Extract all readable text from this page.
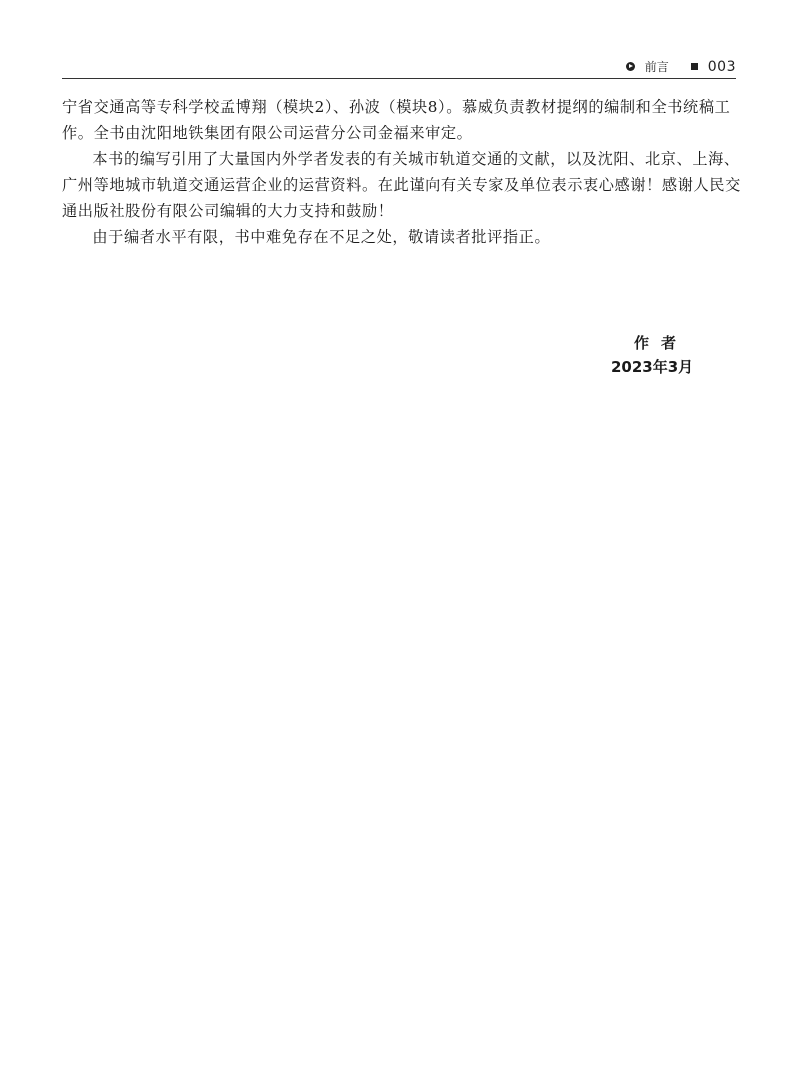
前言	003

宁省交通高等专科学校孟博翔（模块2）、孙波（模块8）。慕威负责教材提纲的编制和全书统稿工作。全书由沈阳地铁集团有限公司运营分公司金福来审定。

本书的编写引用了大量国内外学者发表的有关城市轨道交通的文献，以及沈阳、北京、上海、广州等地城市轨道交通运营企业的运营资料。在此谨向有关专家及单位表示衷心感谢！感谢人民交通出版社股份有限公司编辑的大力支持和鼓励！

由于编者水平有限，书中难免存在不足之处，敬请读者批评指正。

作者
2023年3月
